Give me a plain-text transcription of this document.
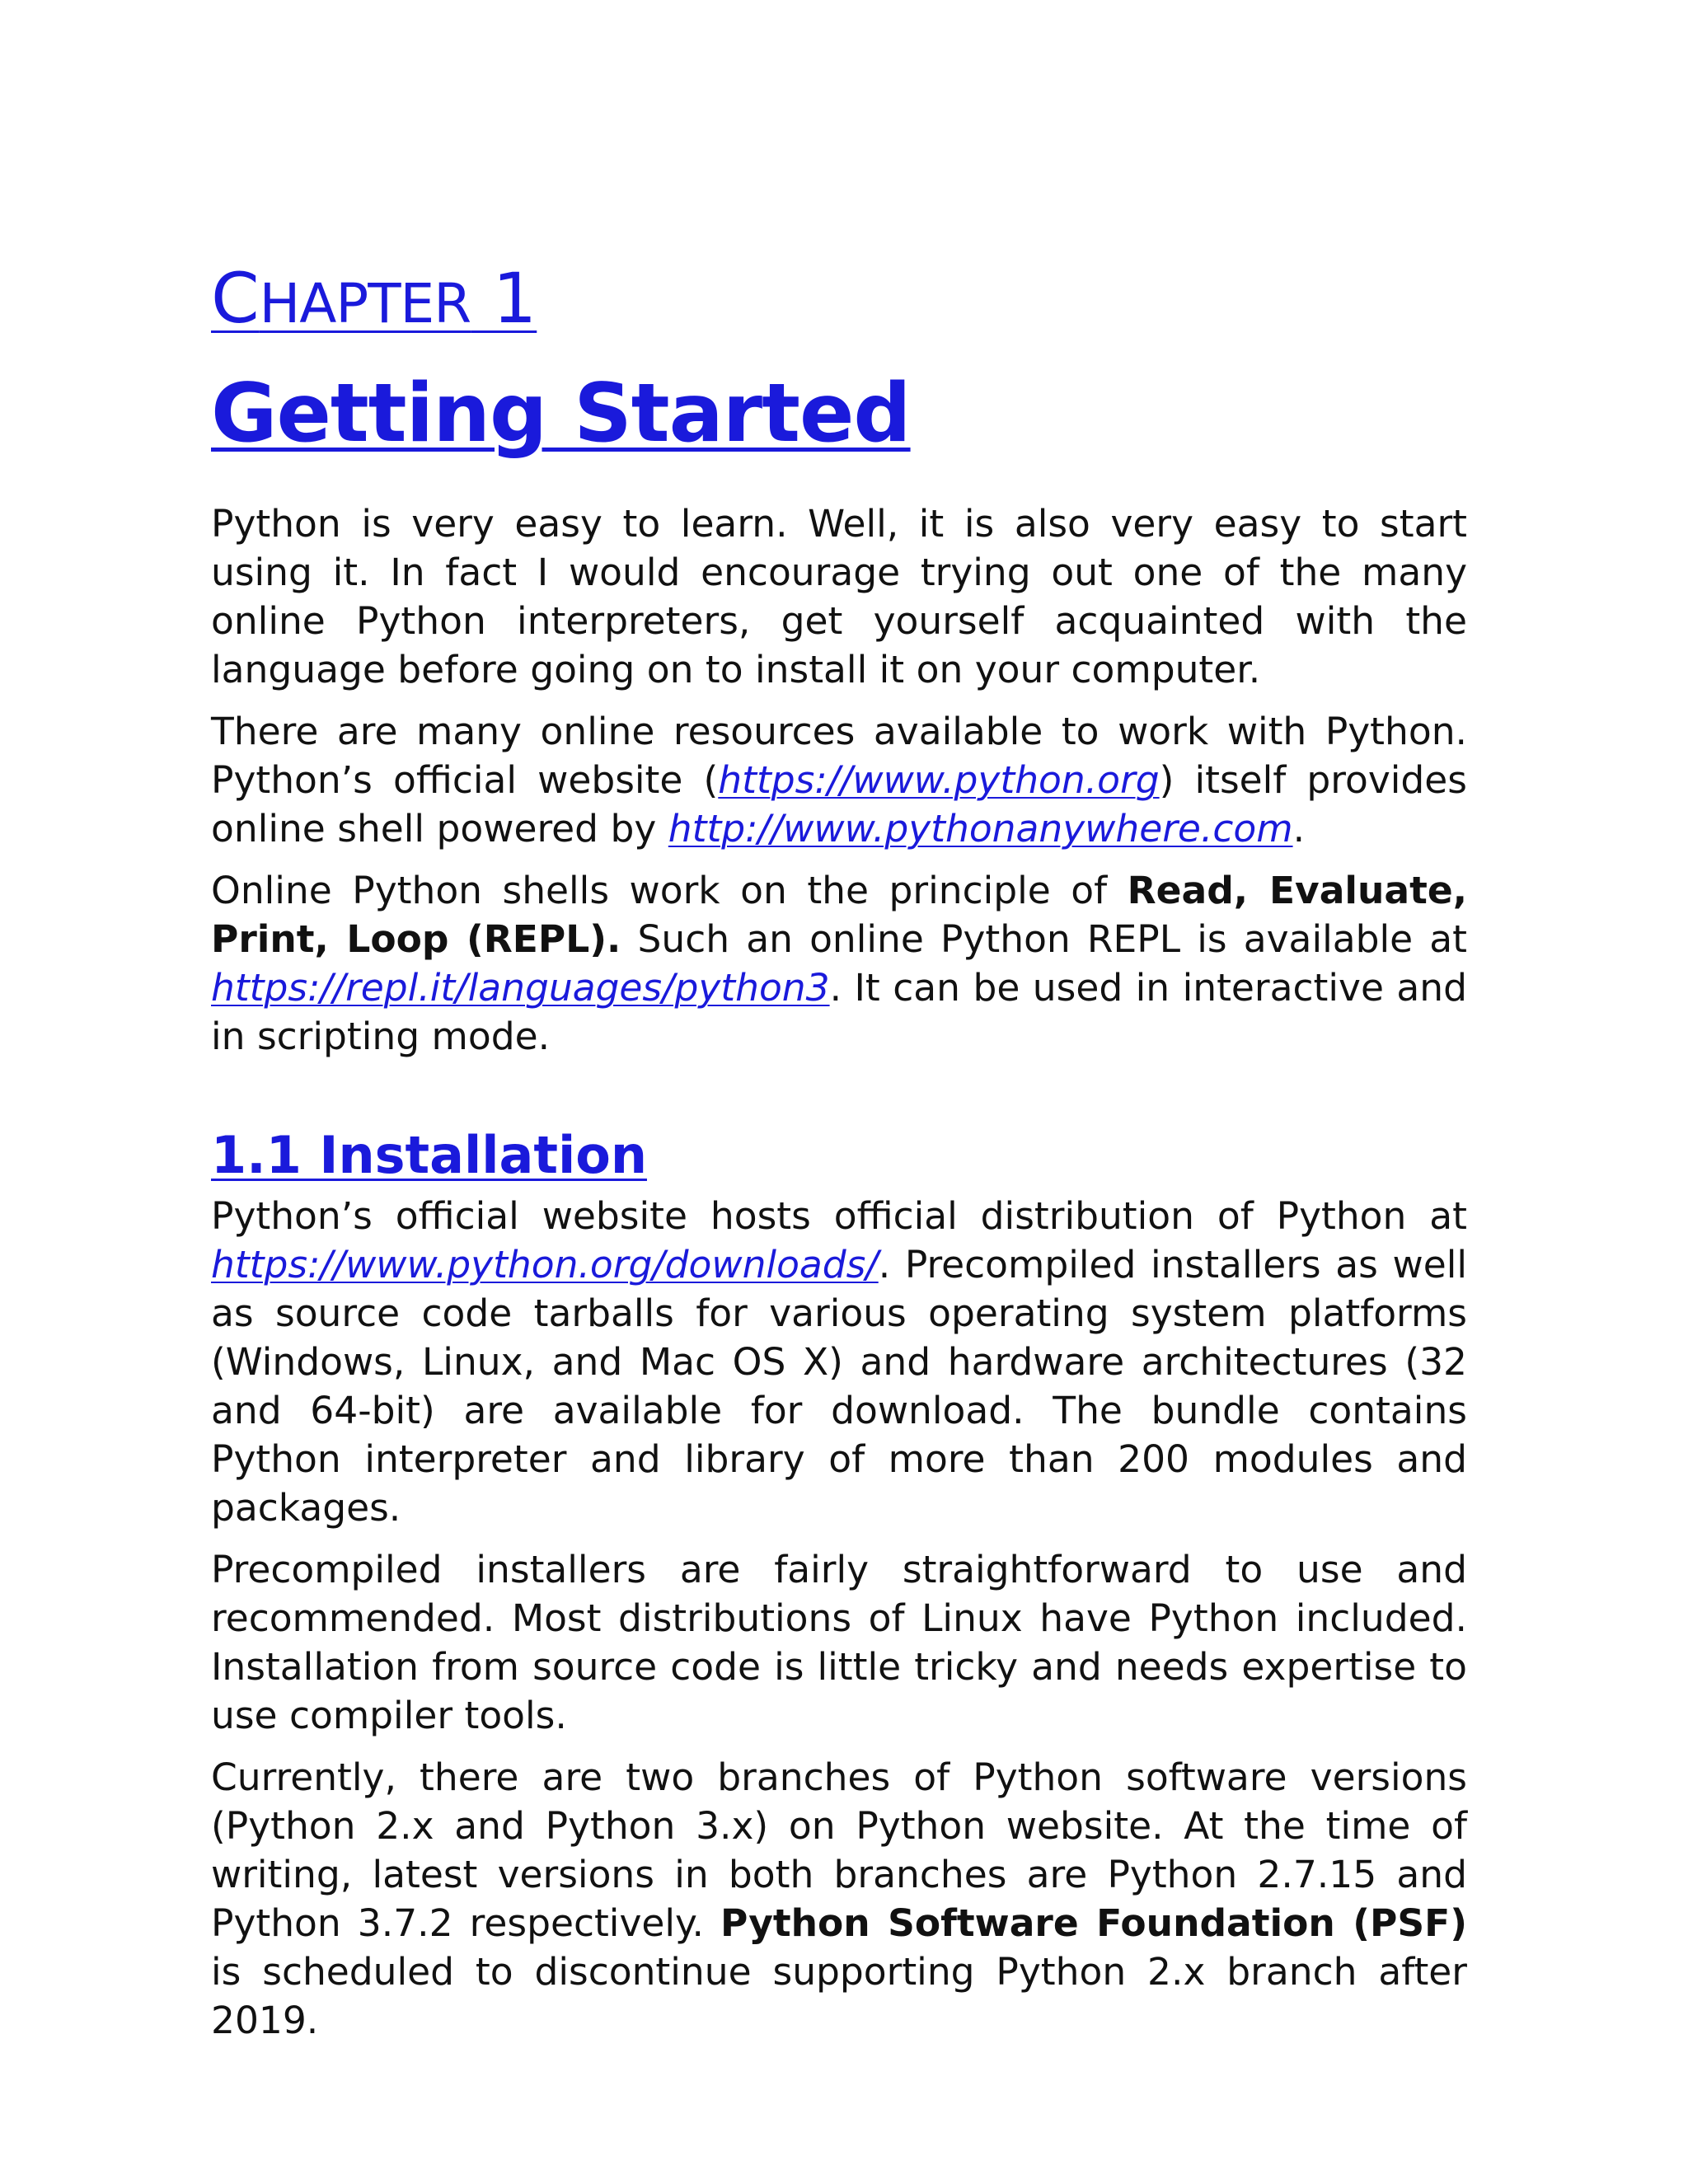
CHAPTER 1
Getting Started

Python is very easy to learn. Well, it is also very easy to start using it. In fact I would encourage trying out one of the many online Python interpreters, get yourself acquainted with the language before going on to install it on your computer.

There are many online resources available to work with Python. Python’s official website (https://www.python.org) itself provides online shell powered by http://www.pythonanywhere.com.

Online Python shells work on the principle of Read, Evaluate, Print, Loop (REPL). Such an online Python REPL is available at https://repl.it/languages/python3. It can be used in interactive and in scripting mode.

1.1 Installation

Python’s official website hosts official distribution of Python at https://www.python.org/downloads/. Precompiled installers as well as source code tarballs for various operating system platforms (Windows, Linux, and Mac OS X) and hardware architectures (32 and 64-bit) are available for download. The bundle contains Python interpreter and library of more than 200 modules and packages.

Precompiled installers are fairly straightforward to use and recommended. Most distributions of Linux have Python included. Installation from source code is little tricky and needs expertise to use compiler tools.

Currently, there are two branches of Python software versions (Python 2.x and Python 3.x) on Python website. At the time of writing, latest versions in both branches are Python 2.7.15 and Python 3.7.2 respectively. Python Software Foundation (PSF) is scheduled to discontinue supporting Python 2.x branch after 2019.
